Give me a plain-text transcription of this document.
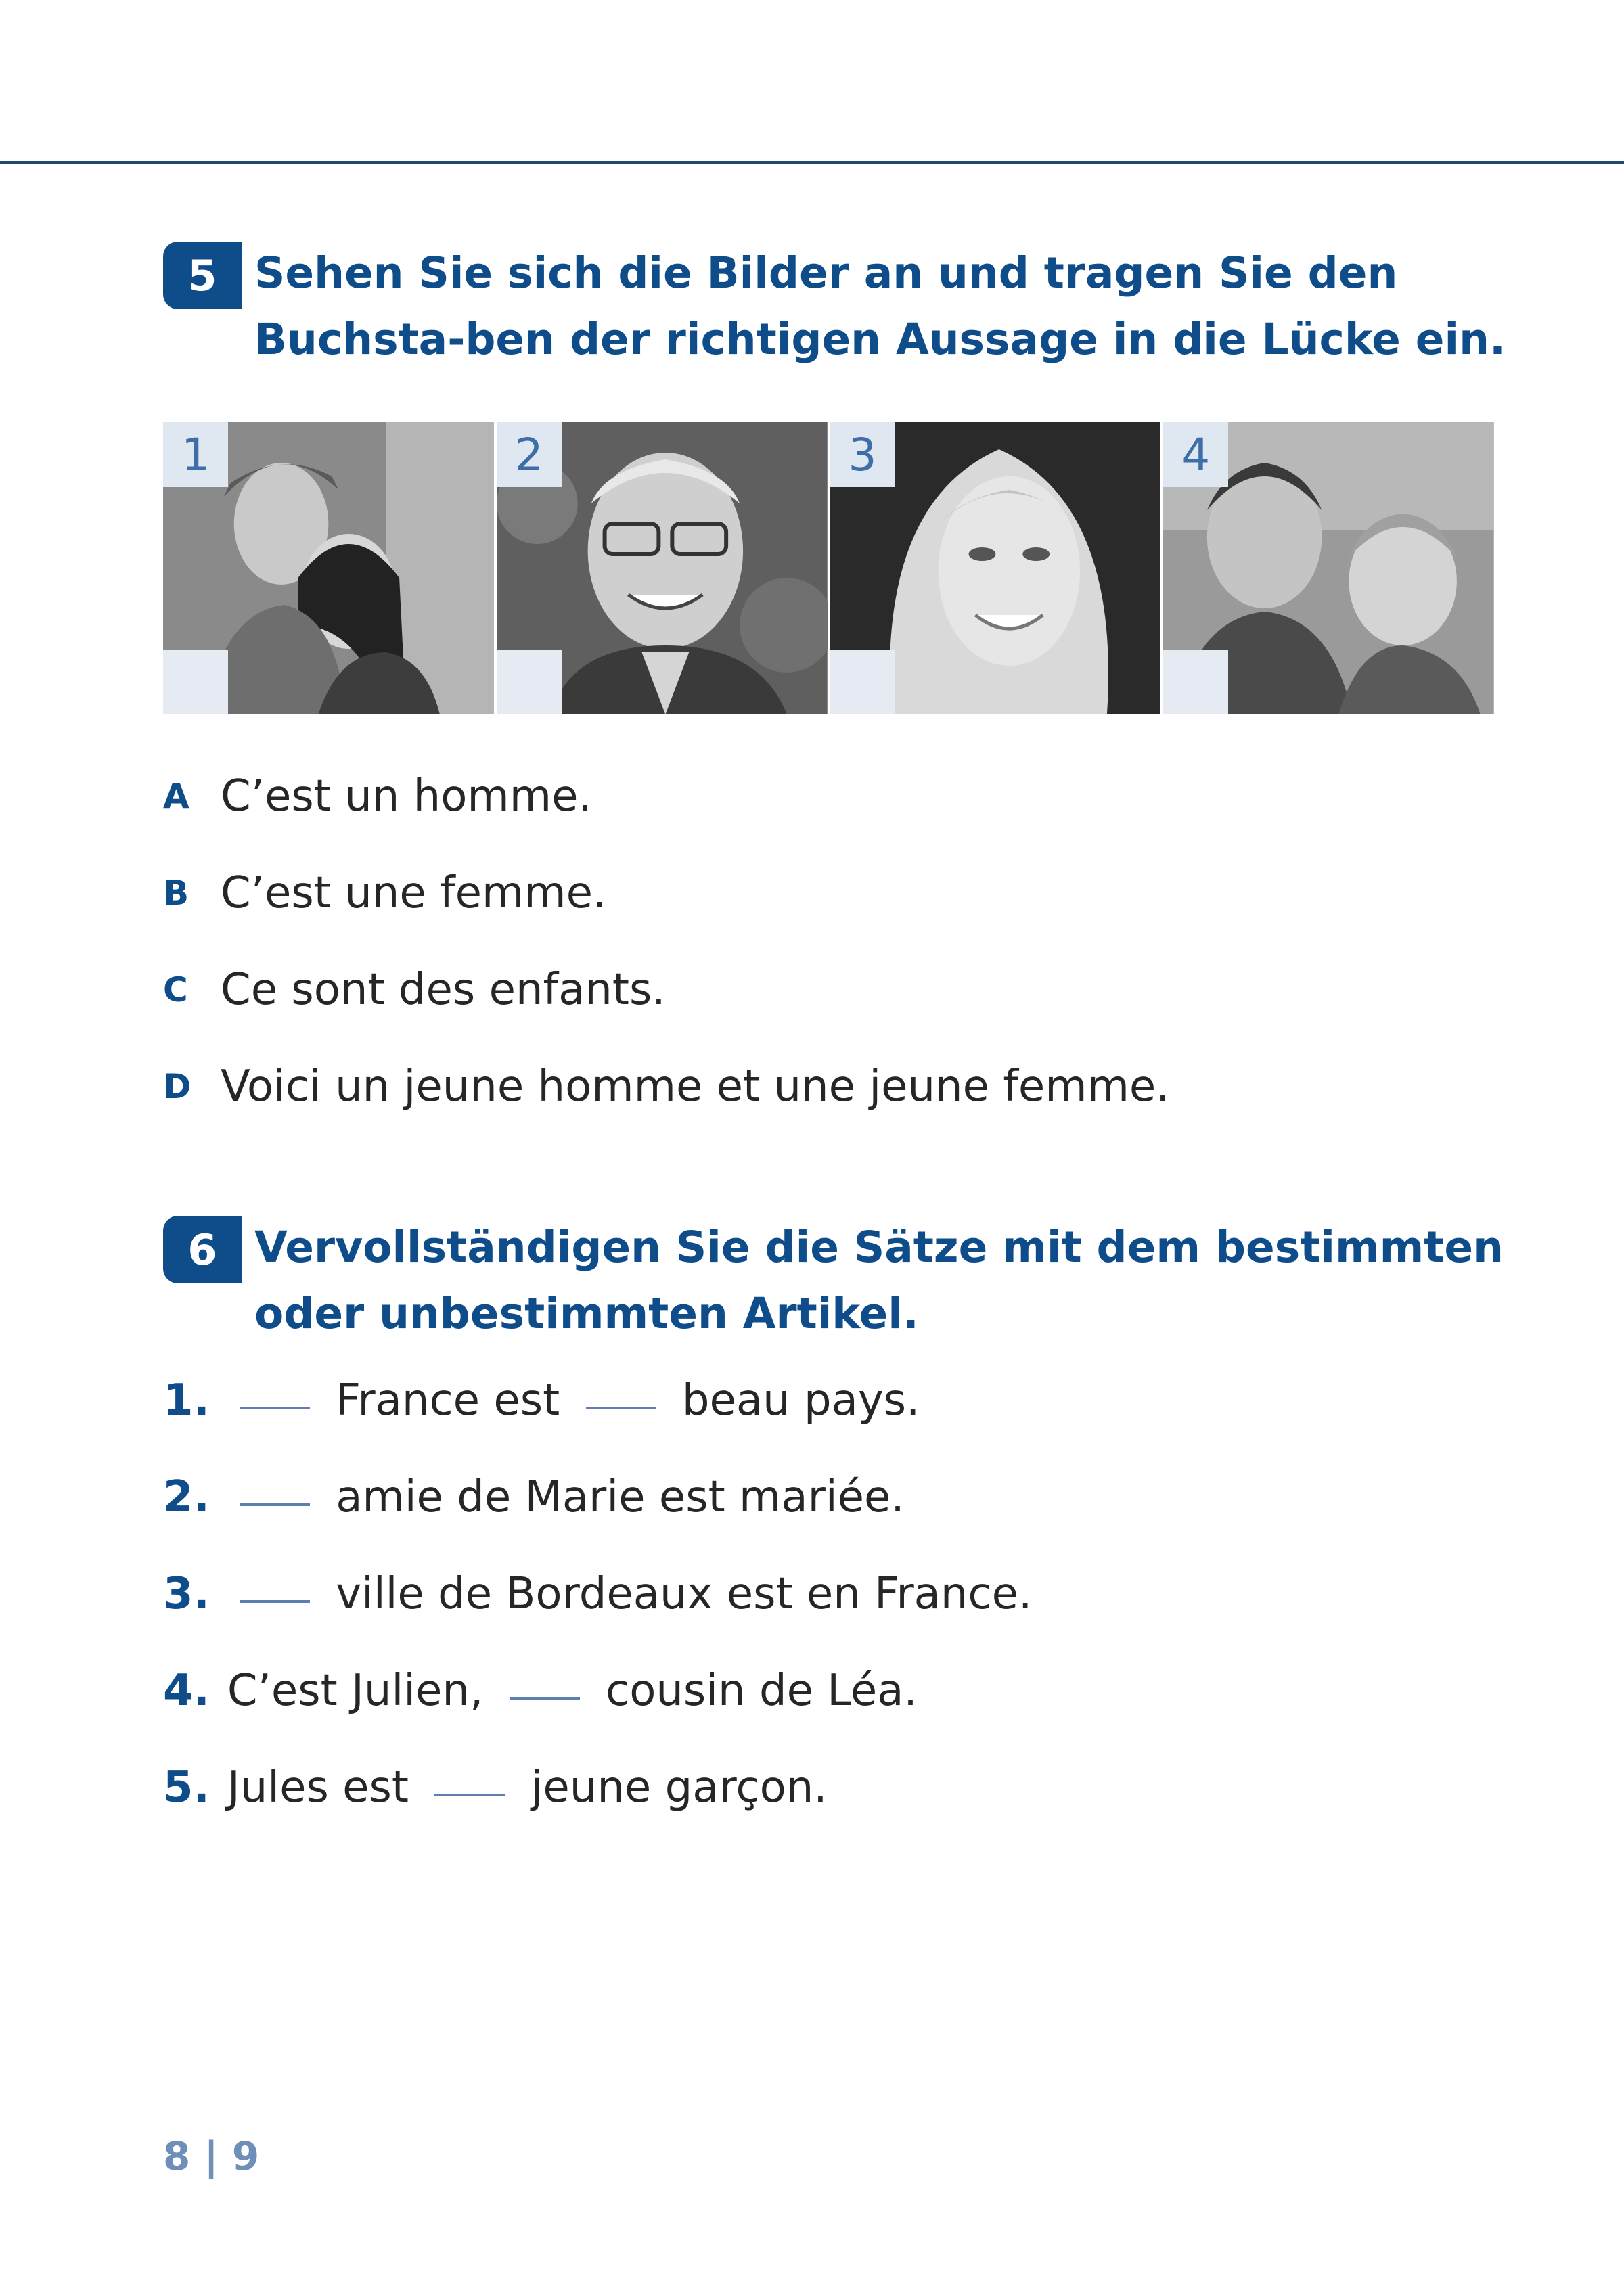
5 Sehen Sie sich die Bilder an und tragen Sie den Buchsta-ben der richtigen Aussage in die Lücke ein.

1	2	3	4
A C’est un homme.
B C’est une femme.
C Ce sont des enfants.
D Voici un jeune homme et une jeune femme.
6 Vervollständigen Sie die Sätze mit dem bestimmten oder unbestimmten Artikel.

1.	France est beau pays.
2.	amie de Marie est mariée.
3.	ville de Bordeaux est en France.
4. C’est Julien, cousin de Léa.
5. Jules est jeune garçon.
8 | 9
